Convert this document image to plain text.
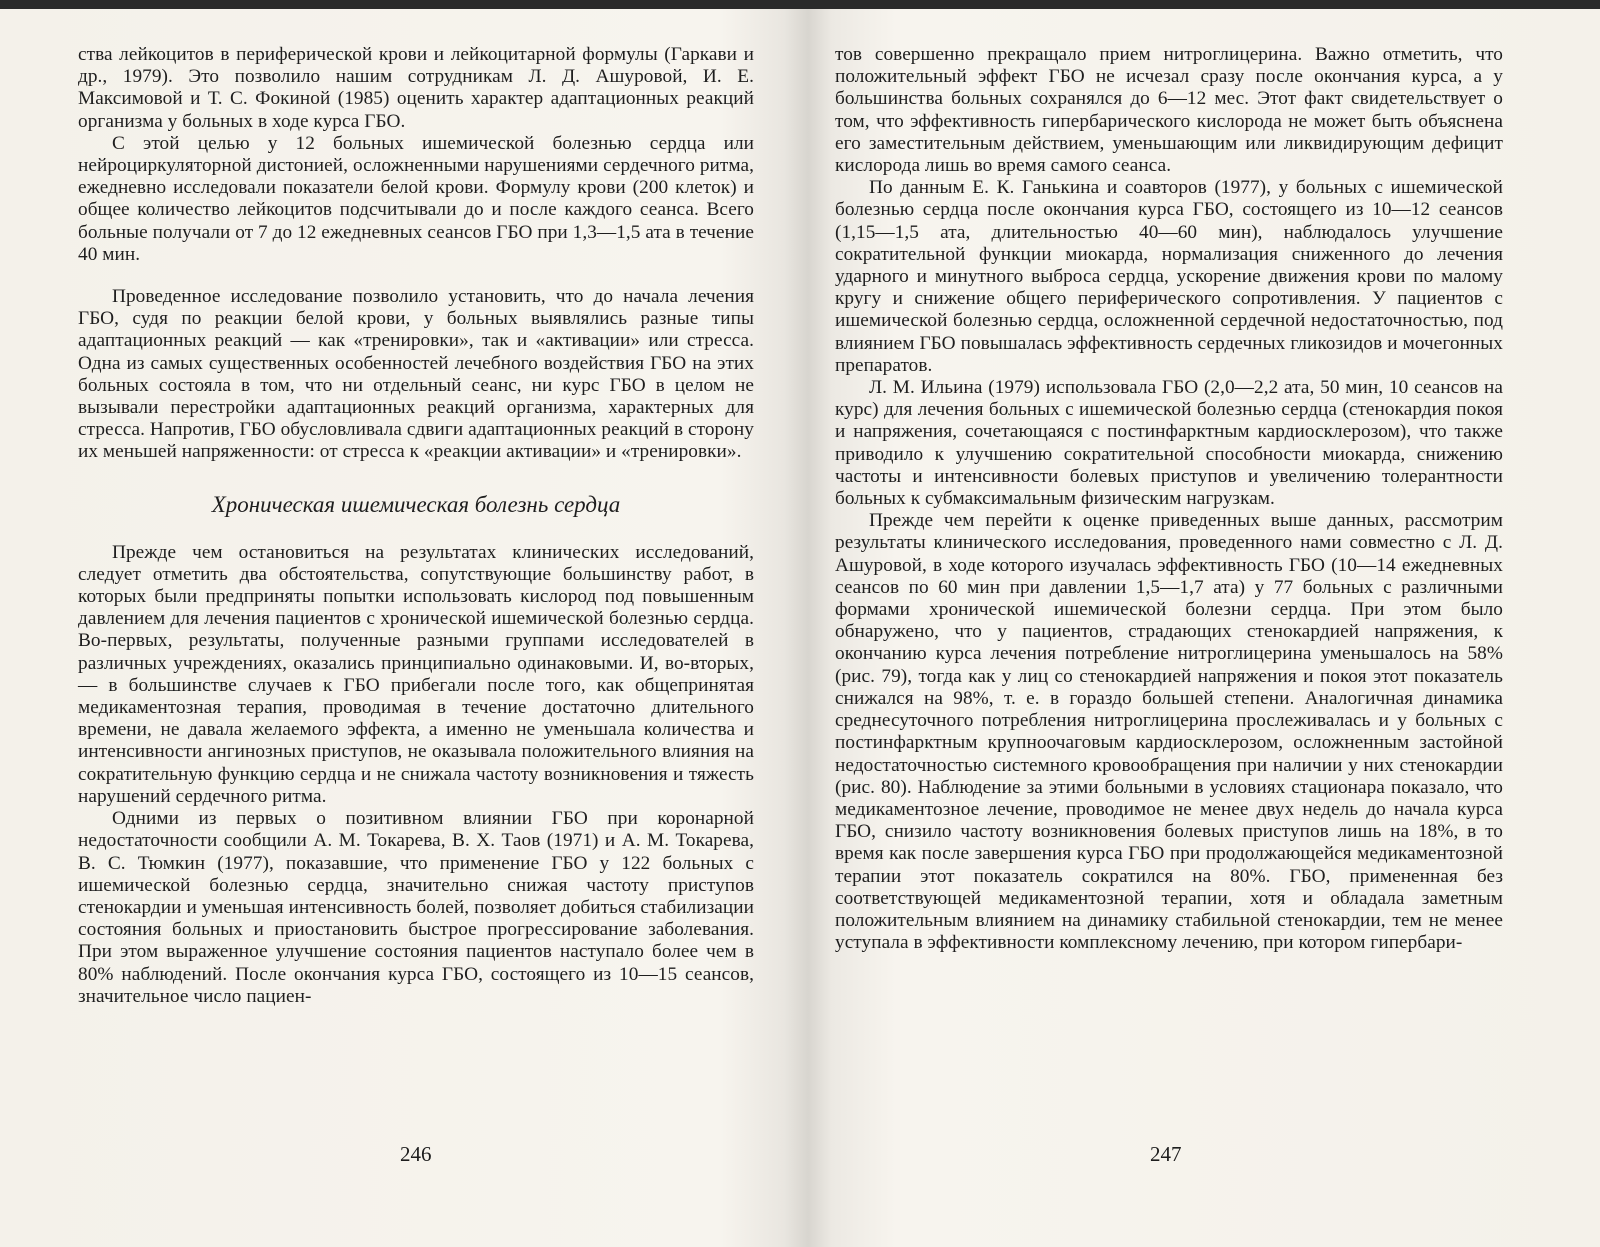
ства лейкоцитов в периферической крови и лейкоцитарной формулы (Гаркави и др., 1979). Это позволило нашим сотрудникам Л. Д. Ашуровой, И. Е. Максимовой и Т. С. Фокиной (1985) оценить характер адаптационных реакций организма у больных в ходе курса ГБО.

С этой целью у 12 больных ишемической болезнью сердца или нейроциркуляторной дистонией, осложненными нарушениями сердечного ритма, ежедневно исследовали показатели белой крови. Формулу крови (200 клеток) и общее количество лейкоцитов подсчитывали до и после каждого сеанса. Всего больные получали от 7 до 12 ежедневных сеансов ГБО при 1,3—1,5 ата в течение 40 мин.

Проведенное исследование позволило установить, что до начала лечения ГБО, судя по реакции белой крови, у больных выявлялись разные типы адаптационных реакций — как «тренировки», так и «активации» или стресса. Одна из самых существенных особенностей лечебного воздействия ГБО на этих больных состояла в том, что ни отдельный сеанс, ни курс ГБО в целом не вызывали перестройки адаптационных реакций организма, характерных для стресса. Напротив, ГБО обусловливала сдвиги адаптационных реакций в сторону их меньшей напряженности: от стресса к «реакции активации» и «тренировки».

Хроническая ишемическая болезнь сердца

Прежде чем остановиться на результатах клинических исследований, следует отметить два обстоятельства, сопутствующие большинству работ, в которых были предприняты попытки использовать кислород под повышенным давлением для лечения пациентов с хронической ишемической болезнью сердца. Во-первых, результаты, полученные разными группами исследователей в различных учреждениях, оказались принципиально одинаковыми. И, во-вторых,— в большинстве случаев к ГБО прибегали после того, как общепринятая медикаментозная терапия, проводимая в течение достаточно длительного времени, не давала желаемого эффекта, а именно не уменьшала количества и интенсивности ангинозных приступов, не оказывала положительного влияния на сократительную функцию сердца и не снижала частоту возникновения и тяжесть нарушений сердечного ритма.

Одними из первых о позитивном влиянии ГБО при коронарной недостаточности сообщили А. М. Токарева, В. Х. Таов (1971) и А. М. Токарева, В. С. Тюмкин (1977), показавшие, что применение ГБО у 122 больных с ишемической болезнью сердца, значительно снижая частоту приступов стенокардии и уменьшая интенсивность болей, позволяет добиться стабилизации состояния больных и приостановить быстрое прогрессирование заболевания. При этом выраженное улучшение состояния пациентов наступало более чем в 80% наблюдений. После окончания курса ГБО, состоящего из 10—15 сеансов, значительное число пациен-

тов совершенно прекращало прием нитроглицерина. Важно отметить, что положительный эффект ГБО не исчезал сразу после окончания курса, а у большинства больных сохранялся до 6—12 мес. Этот факт свидетельствует о том, что эффективность гипербарического кислорода не может быть объяснена его заместительным действием, уменьшающим или ликвидирующим дефицит кислорода лишь во время самого сеанса.

По данным Е. К. Ганькина и соавторов (1977), у больных с ишемической болезнью сердца после окончания курса ГБО, состоящего из 10—12 сеансов (1,15—1,5 ата, длительностью 40—60 мин), наблюдалось улучшение сократительной функции миокарда, нормализация сниженного до лечения ударного и минутного выброса сердца, ускорение движения крови по малому кругу и снижение общего периферического сопротивления. У пациентов с ишемической болезнью сердца, осложненной сердечной недостаточностью, под влиянием ГБО повышалась эффективность сердечных гликозидов и мочегонных препаратов.

Л. М. Ильина (1979) использовала ГБО (2,0—2,2 ата, 50 мин, 10 сеансов на курс) для лечения больных с ишемической болезнью сердца (стенокардия покоя и напряжения, сочетающаяся с постинфарктным кардиосклерозом), что также приводило к улучшению сократительной способности миокарда, снижению частоты и интенсивности болевых приступов и увеличению толерантности больных к субмаксимальным физическим нагрузкам.

Прежде чем перейти к оценке приведенных выше данных, рассмотрим результаты клинического исследования, проведенного нами совместно с Л. Д. Ашуровой, в ходе которого изучалась эффективность ГБО (10—14 ежедневных сеансов по 60 мин при давлении 1,5—1,7 ата) у 77 больных с различными формами хронической ишемической болезни сердца. При этом было обнаружено, что у пациентов, страдающих стенокардией напряжения, к окончанию курса лечения потребление нитроглицерина уменьшалось на 58% (рис. 79), тогда как у лиц со стенокардией напряжения и покоя этот показатель снижался на 98%, т. е. в гораздо большей степени. Аналогичная динамика среднесуточного потребления нитроглицерина прослеживалась и у больных с постинфарктным крупноочаговым кардиосклерозом, осложненным застойной недостаточностью системного кровообращения при наличии у них стенокардии (рис. 80). Наблюдение за этими больными в условиях стационара показало, что медикаментозное лечение, проводимое не менее двух недель до начала курса ГБО, снизило частоту возникновения болевых приступов лишь на 18%, в то время как после завершения курса ГБО при продолжающейся медикаментозной терапии этот показатель сократился на 80%. ГБО, примененная без соответствующей медикаментозной терапии, хотя и обладала заметным положительным влиянием на динамику стабильной стенокардии, тем не менее уступала в эффективности комплексному лечению, при котором гипербари-

246	247
